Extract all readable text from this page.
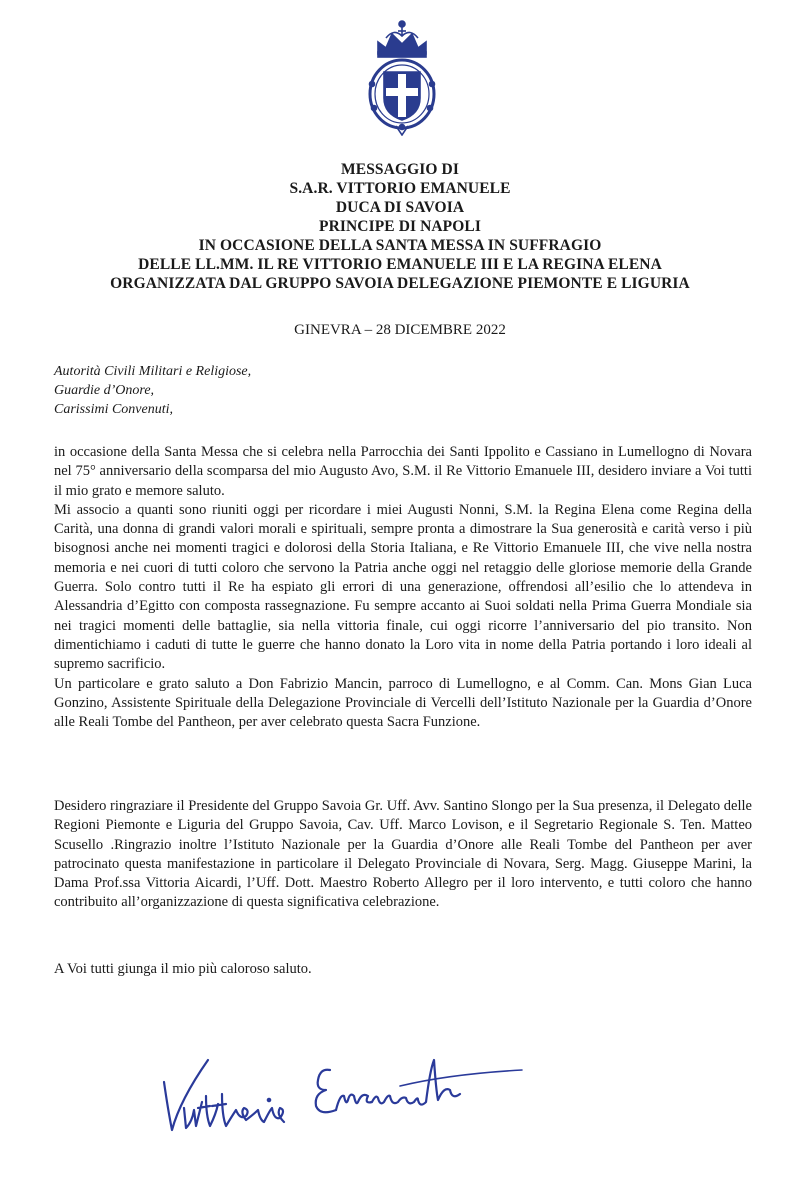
MESSAGGIO DI
S.A.R. VITTORIO EMANUELE
DUCA DI SAVOIA
PRINCIPE DI NAPOLI
IN OCCASIONE DELLA SANTA MESSA IN SUFFRAGIO
DELLE LL.MM. IL RE VITTORIO EMANUELE III E LA REGINA ELENA
ORGANIZZATA DAL GRUPPO SAVOIA DELEGAZIONE PIEMONTE E LIGURIA
GINEVRA – 28 DICEMBRE 2022
Autorità Civili Militari e Religiose,
Guardie d’Onore,
Carissimi Convenuti,

in occasione della Santa Messa che si celebra nella Parrocchia dei Santi Ippolito e Cassiano in Lumellogno di Novara nel 75° anniversario della scomparsa del mio Augusto Avo, S.M. il Re Vittorio Emanuele III, desidero inviare a Voi tutti il mio grato e memore saluto.

Mi associo a quanti sono riuniti oggi per ricordare i miei Augusti Nonni, S.M. la Regina Elena come Regina della Carità, una donna di grandi valori morali e spirituali, sempre pronta a dimostrare la Sua generosità e carità verso i più bisognosi anche nei momenti tragici e dolorosi della Storia Italiana, e Re Vittorio Emanuele III, che vive nella nostra memoria e nei cuori di tutti coloro che servono la Patria anche oggi nel retaggio delle gloriose memorie della Grande Guerra. Solo contro tutti il Re ha espiato gli errori di una generazione, offrendosi all’esilio che lo attendeva in Alessandria d’Egitto con composta rassegnazione. Fu sempre accanto ai Suoi soldati nella Prima Guerra Mondiale sia nei tragici momenti delle battaglie, sia nella vittoria finale, cui oggi ricorre l’anniversario del pio transito. Non dimentichiamo i caduti di tutte le guerre che hanno donato la Loro vita in nome della Patria portando i loro ideali al supremo sacrificio.

Un particolare e grato saluto a Don Fabrizio Mancin, parroco di Lumellogno, e al Comm. Can. Mons Gian Luca Gonzino, Assistente Spirituale della Delegazione Provinciale di Vercelli dell’Istituto Nazionale per la Guardia d’Onore alle Reali Tombe del Pantheon, per aver celebrato questa Sacra Funzione.

Desidero ringraziare il Presidente del Gruppo Savoia Gr. Uff. Avv. Santino Slongo per la Sua presenza, il Delegato delle Regioni Piemonte e Liguria del Gruppo Savoia, Cav. Uff. Marco Lovison, e il Segretario Regionale S. Ten. Matteo Scusello .Ringrazio inoltre l’Istituto Nazionale per la Guardia d’Onore alle Reali Tombe del Pantheon per aver patrocinato questa manifestazione in particolare il Delegato Provinciale di Novara, Serg. Magg. Giuseppe Marini, la Dama Prof.ssa Vittoria Aicardi, l’Uff. Dott. Maestro Roberto Allegro per il loro intervento, e tutti coloro che hanno contribuito all’organizzazione di questa significativa celebrazione.

A Voi tutti giunga il mio più caloroso saluto.
